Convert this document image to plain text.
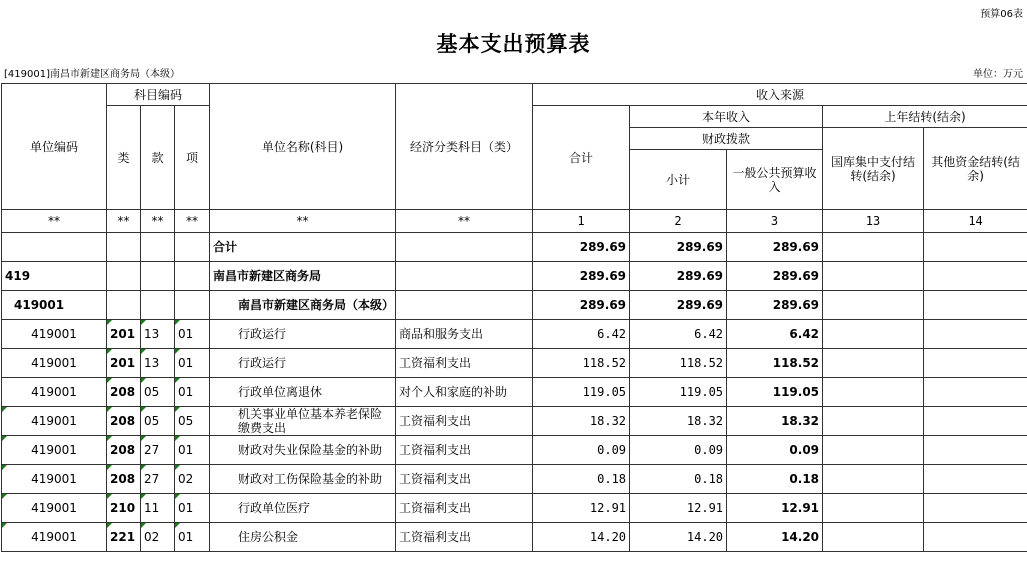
预算06表
基本支出预算表
[419001]南昌市新建区商务局（本级）	单位：万元
单位编码	科目编码			单位名称(科目)	经济分类科目（类）	收入来源				
	类	款	项			合计	本年收入		上年结转(结余)	
							财政拨款		国库集中支付结转(结余)	其他资金结转(结余)
							小计	一般公共预算收入		
**	**	**	**	**	**	1	2	3	13	14
				合计		289.69	289.69	289.69		
419				南昌市新建区商务局		289.69	289.69	289.69		
419001				南昌市新建区商务局（本级）		289.69	289.69	289.69		
419001	201	13	01	行政运行	商品和服务支出	6.42	6.42	6.42		
419001	201	13	01	行政运行	工资福利支出	118.52	118.52	118.52		
419001	208	05	01	行政单位离退休	对个人和家庭的补助	119.05	119.05	119.05		
419001	208	05	05	机关事业单位基本养老保险缴费支出	工资福利支出	18.32	18.32	18.32		
419001	208	27	01	财政对失业保险基金的补助	工资福利支出	0.09	0.09	0.09		
419001	208	27	02	财政对工伤保险基金的补助	工资福利支出	0.18	0.18	0.18		
419001	210	11	01	行政单位医疗	工资福利支出	12.91	12.91	12.91		
419001	221	02	01	住房公积金	工资福利支出	14.20	14.20	14.20		
